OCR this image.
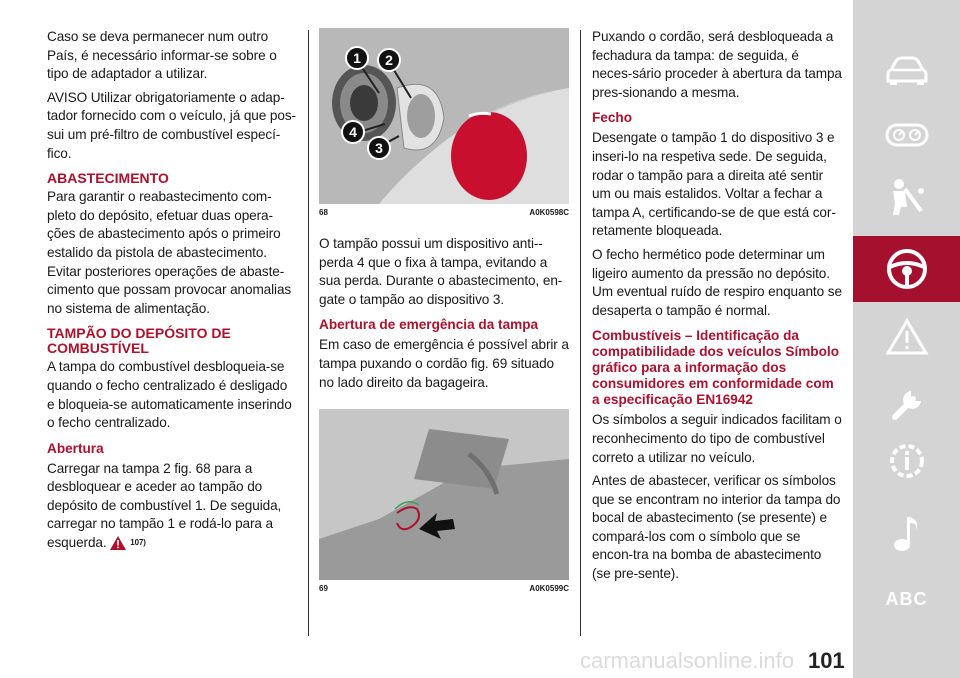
Caso se deva permanecer num outro País, é necessário informar-se sobre o tipo de adaptador a utilizar.

AVISO Utilizar obrigatoriamente o adap-tador fornecido com o veículo, já que pos-sui um pré-filtro de combustível especí-fico.

ABASTECIMENTO

Para garantir o reabastecimento com-pleto do depósito, efetuar duas opera-ções de abastecimento após o primeiro estalido da pistola de abastecimento. Evitar posteriores operações de abaste-cimento que possam provocar anomalias no sistema de alimentação.

TAMPÃO DO DEPÓSITO DE COMBUSTÍVEL

A tampa do combustível desbloqueia-se quando o fecho centralizado é desligado e bloqueia-se automaticamente inserindo o fecho centralizado.

Abertura

Carregar na tampa 2 fig. 68 para a desbloquear e aceder ao tampão do depósito de combustível 1. De seguida, carregar no tampão 1 e rodá-lo para a esquerda.	107)

1 2
3
4
68	A0K0598C

O tampão possui um dispositivo anti--perda 4 que o fixa à tampa, evitando a sua perda. Durante o abastecimento, en-gate o tampão ao dispositivo 3.

Abertura de emergência da tampa

Em caso de emergência é possível abrir a tampa puxando o cordão fig. 69 situado no lado direito da bagageira.

69	A0K0599C

Puxando o cordão, será desbloqueada a fechadura da tampa: de seguida, é neces-sário proceder à abertura da tampa pres-sionando a mesma.

Fecho

Desengate o tampão 1 do dispositivo 3 e inseri-lo na respetiva sede. De seguida, rodar o tampão para a direita até sentir um ou mais estalidos. Voltar a fechar a tampa A, certificando-se de que está cor-retamente bloqueada.

O fecho hermético pode determinar um ligeiro aumento da pressão no depósito. Um eventual ruído de respiro enquanto se desaperta o tampão é normal.

Combustíveis – Identificação da compatibilidade dos veículos Símbolo gráfico para a informação dos consumidores em conformidade com a especificação EN16942

Os símbolos a seguir indicados facilitam o reconhecimento do tipo de combustível correto a utilizar no veículo.

Antes de abastecer, verificar os símbolos que se encontram no interior da tampa do bocal de abastecimento (se presente) e compará-los com o símbolo que se encon-tra na bomba de abastecimento (se pre-sente).

ABC
carmanualsonline.info 101
